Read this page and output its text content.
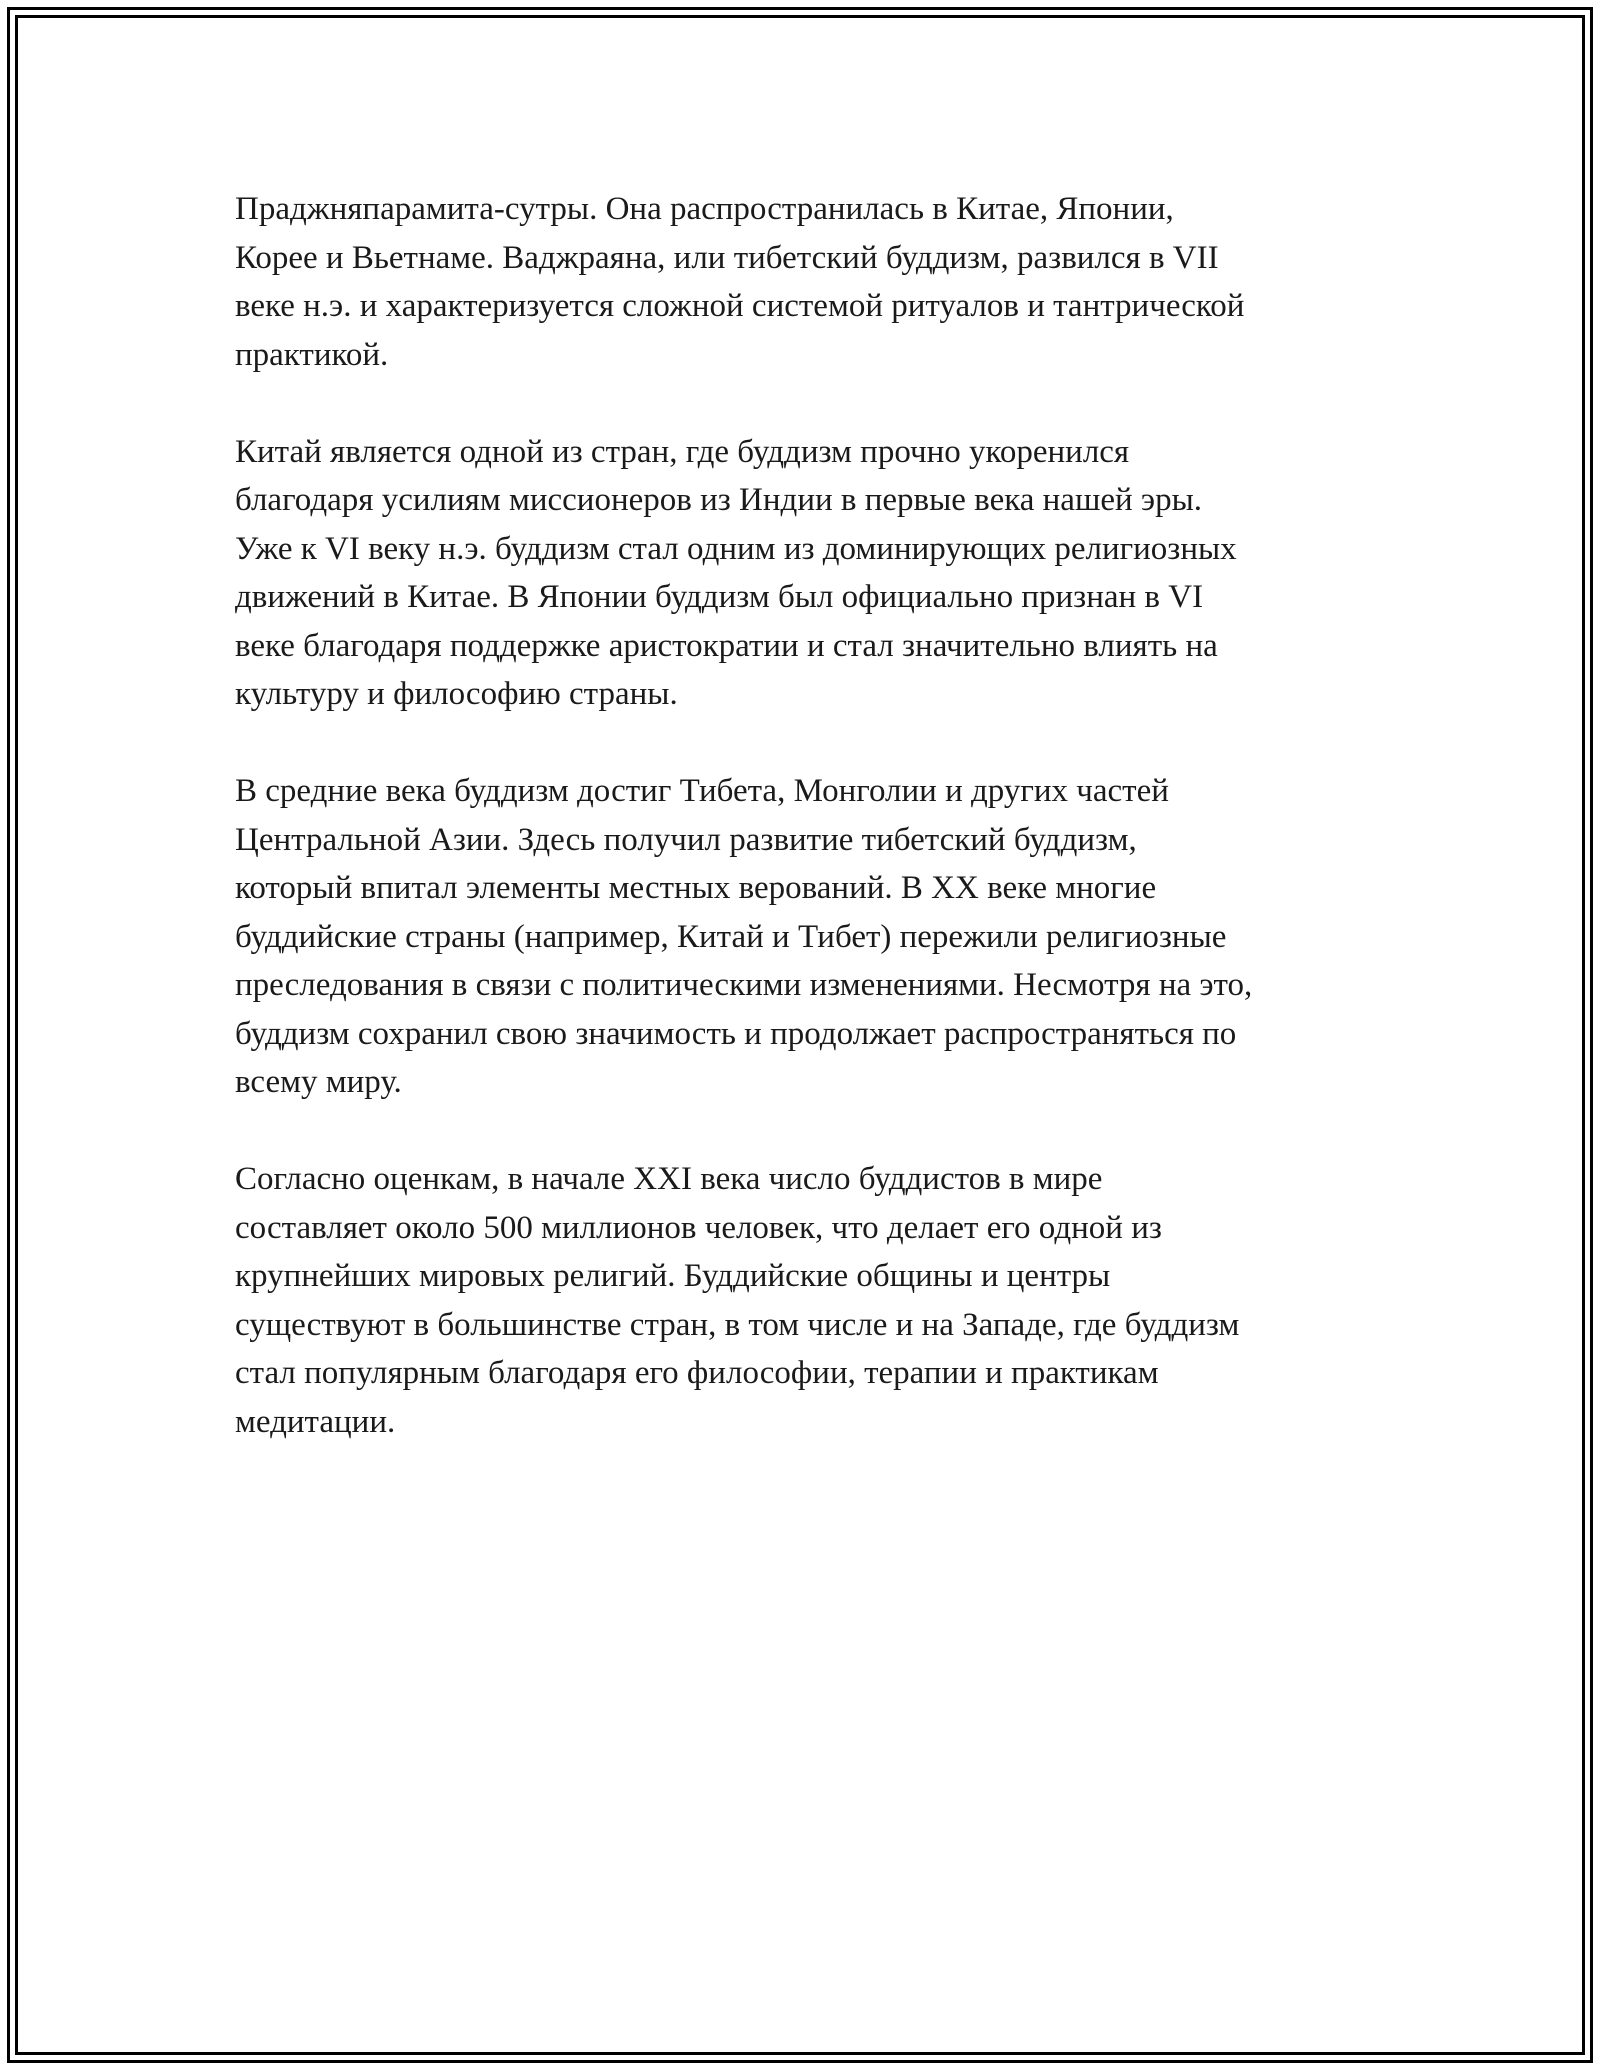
Праджняпарамита-сутры. Она распространилась в Китае, Японии,
Корее и Вьетнаме. Ваджраяна, или тибетский буддизм, развился в VII
веке н.э. и характеризуется сложной системой ритуалов и тантрической
практикой.

Китай является одной из стран, где буддизм прочно укоренился
благодаря усилиям миссионеров из Индии в первые века нашей эры.
Уже к VI веку н.э. буддизм стал одним из доминирующих религиозных
движений в Китае. В Японии буддизм был официально признан в VI
веке благодаря поддержке аристократии и стал значительно влиять на
культуру и философию страны.

В средние века буддизм достиг Тибета, Монголии и других частей
Центральной Азии. Здесь получил развитие тибетский буддизм,
который впитал элементы местных верований. В XX веке многие
буддийские страны (например, Китай и Тибет) пережили религиозные
преследования в связи с политическими изменениями. Несмотря на это,
буддизм сохранил свою значимость и продолжает распространяться по
всему миру.

Согласно оценкам, в начале XXI века число буддистов в мире
составляет около 500 миллионов человек, что делает его одной из
крупнейших мировых религий. Буддийские общины и центры
существуют в большинстве стран, в том числе и на Западе, где буддизм
стал популярным благодаря его философии, терапии и практикам
медитации.
